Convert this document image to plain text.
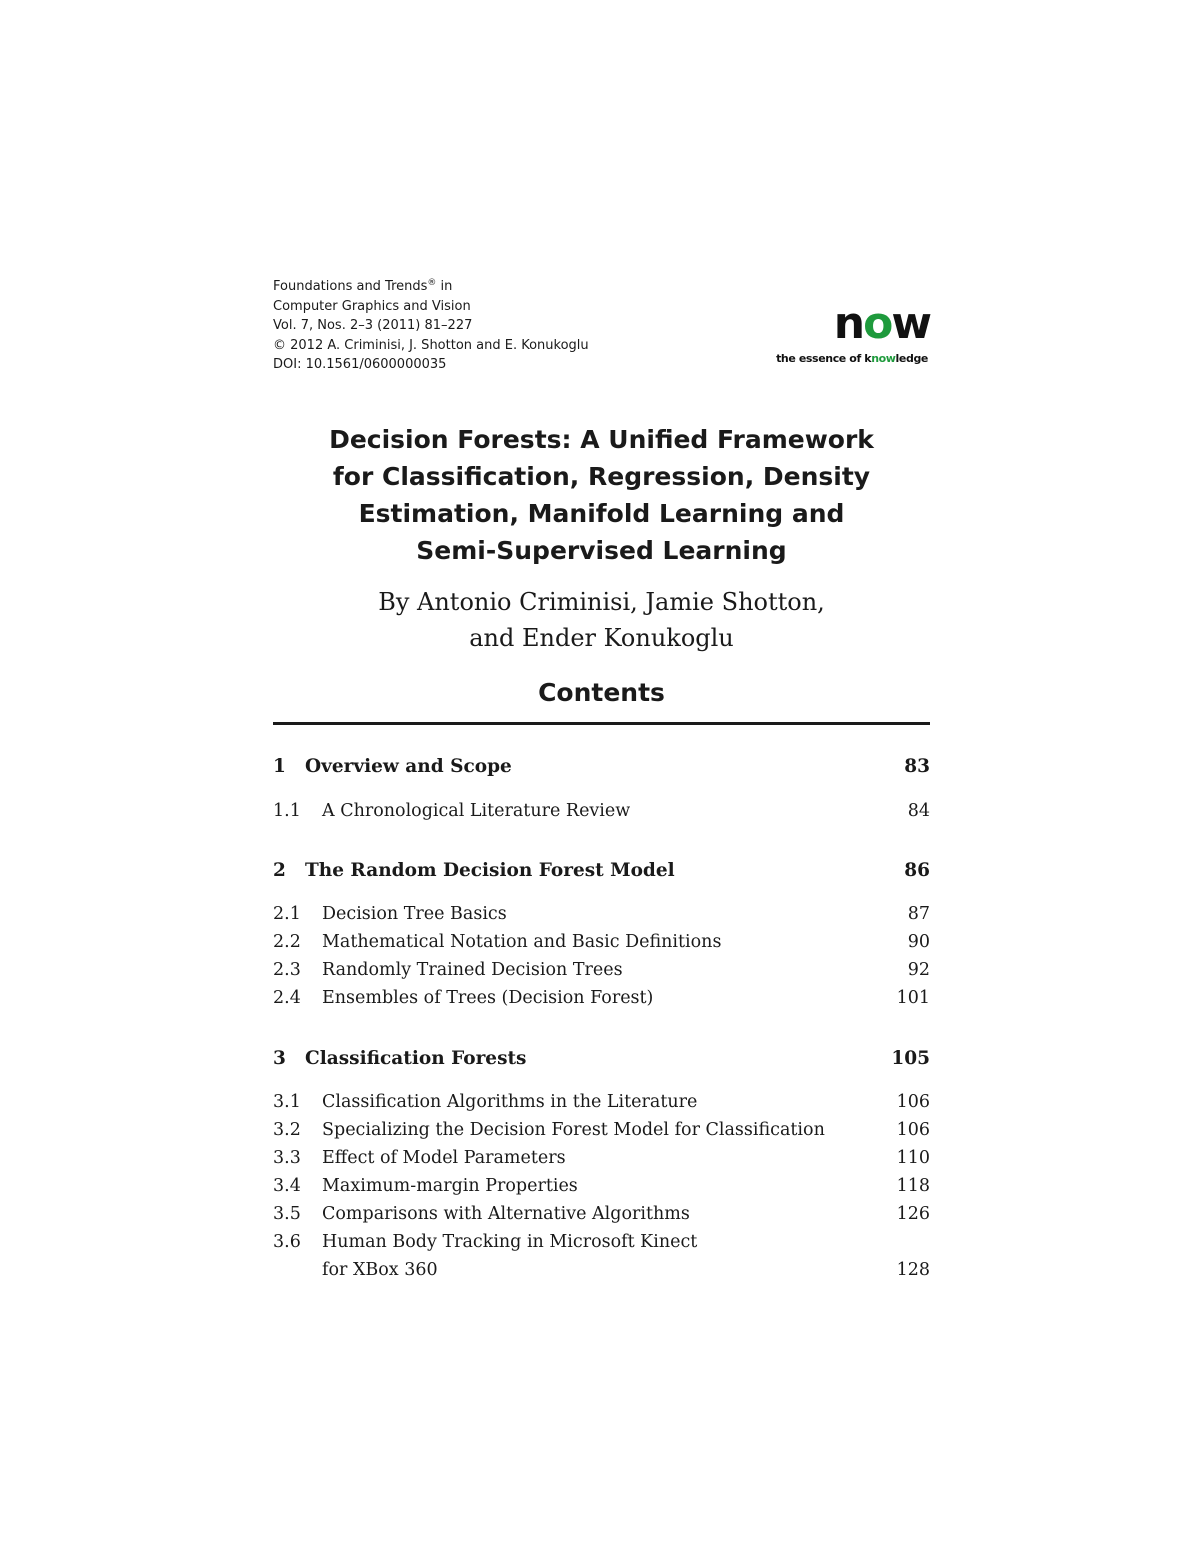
Foundations and Trends® in
Computer Graphics and Vision
Vol. 7, Nos. 2–3 (2011) 81–227
© 2012 A. Criminisi, J. Shotton and E. Konukoglu
DOI: 10.1561/0600000035
now
the essence of knowledge
Decision Forests: A Unified Framework
for Classification, Regression, Density
Estimation, Manifold Learning and
Semi-Supervised Learning
By Antonio Criminisi, Jamie Shotton,
and Ender Konukoglu
Contents
1 Overview and Scope	83
1.1 A Chronological Literature Review	84
2 The Random Decision Forest Model	86
2.1 Decision Tree Basics	87
2.2 Mathematical Notation and Basic Definitions	90
2.3 Randomly Trained Decision Trees	92
2.4 Ensembles of Trees (Decision Forest)	101
3 Classification Forests	105
3.1 Classification Algorithms in the Literature	106
3.2 Specializing the Decision Forest Model for Classification	106
3.3 Effect of Model Parameters	110
3.4 Maximum-margin Properties	118
3.5 Comparisons with Alternative Algorithms	126
3.6 Human Body Tracking in Microsoft Kinect
for XBox 360	128
